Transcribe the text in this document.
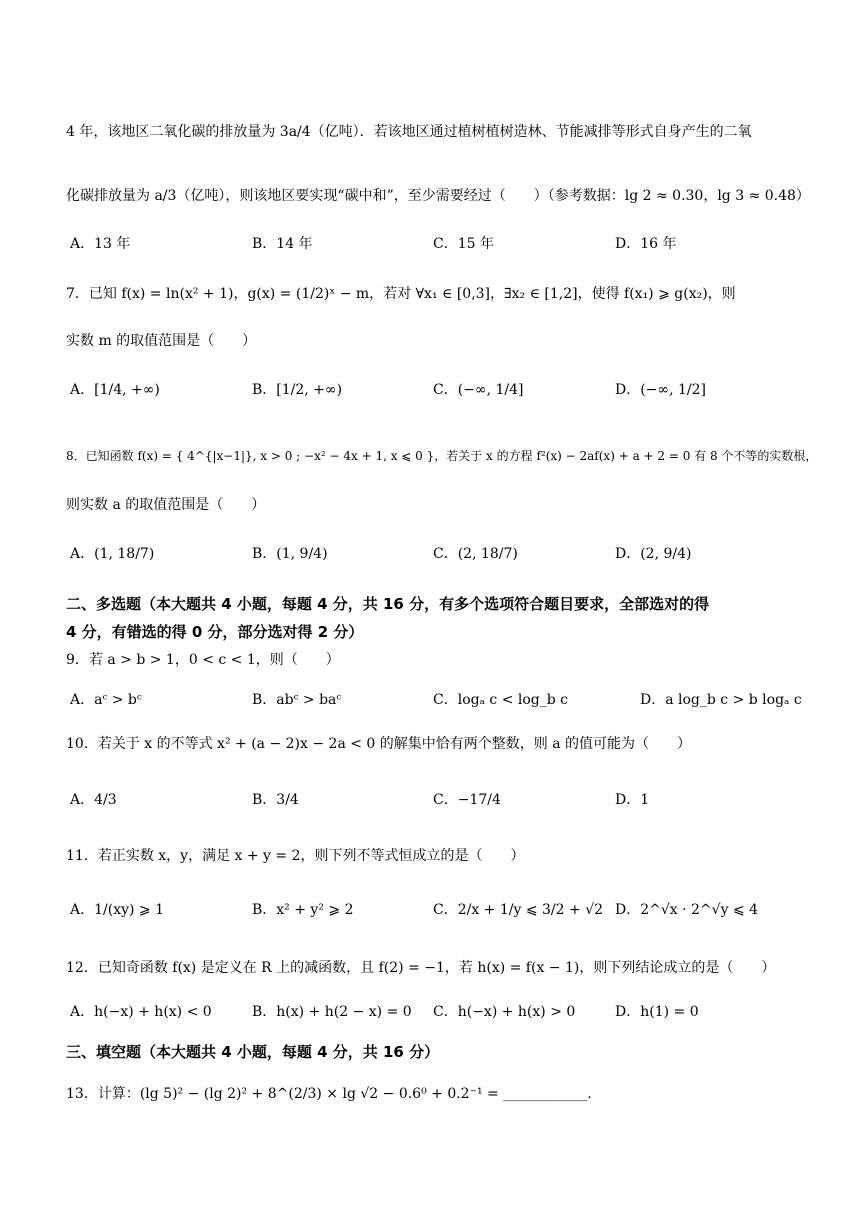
4 年，该地区二氧化碳的排放量为 3a/4（亿吨）．若该地区通过植树植树造林、节能减排等形式自身产生的二氧
化碳排放量为 a/3（亿吨），则该地区要实现“碳中和”，至少需要经过（　　）（参考数据：lg 2 ≈ 0.30，lg 3 ≈ 0.48）
A．13 年	B．14 年	C．15 年	D．16 年
7．已知 f(x) = ln(x² + 1)，g(x) = (1/2)ˣ − m，若对 ∀x₁ ∈ [0,3]，∃x₂ ∈ [1,2]，使得 f(x₁) ⩾ g(x₂)，则
实数 m 的取值范围是（　　）
A．[1/4, +∞)	B．[1/2, +∞)	C．(−∞, 1/4]	D．(−∞, 1/2]
8．已知函数 f(x) = { 4^{|x−1|}, x > 0 ; −x² − 4x + 1, x ⩽ 0 }，若关于 x 的方程 f²(x) − 2af(x) + a + 2 = 0 有 8 个不等的实数根，
则实数 a 的取值范围是（　　）
A．(1, 18/7)	B．(1, 9/4)	C．(2, 18/7)	D．(2, 9/4)
二、多选题（本大题共 4 小题，每题 4 分，共 16 分，有多个选项符合题目要求，全部选对的得
4 分，有错选的得 0 分，部分选对得 2 分）
9．若 a > b > 1，0 < c < 1，则（　　）
A．aᶜ > bᶜ	B．abᶜ > baᶜ	C．logₐ c < log_b c	D．a log_b c > b logₐ c
10．若关于 x 的不等式 x² + (a − 2)x − 2a < 0 的解集中恰有两个整数，则 a 的值可能为（　　）
A．4/3	B．3/4	C．−17/4	D．1
11．若正实数 x，y，满足 x + y = 2，则下列不等式恒成立的是（　　）
A．1/(xy) ⩾ 1	B．x² + y² ⩾ 2	C．2/x + 1/y ⩽ 3/2 + √2 D．2^√x · 2^√y ⩽ 4
12．已知奇函数 f(x) 是定义在 R 上的减函数，且 f(2) = −1，若 h(x) = f(x − 1)，则下列结论成立的是（　　）
A．h(−x) + h(x) < 0	B．h(x) + h(2 − x) = 0 C．h(−x) + h(x) > 0	D．h(1) = 0
三、填空题（本大题共 4 小题，每题 4 分，共 16 分）
13．计算：(lg 5)² − (lg 2)² + 8^(2/3) × lg √2 − 0.6⁰ + 0.2⁻¹ = ____________.
